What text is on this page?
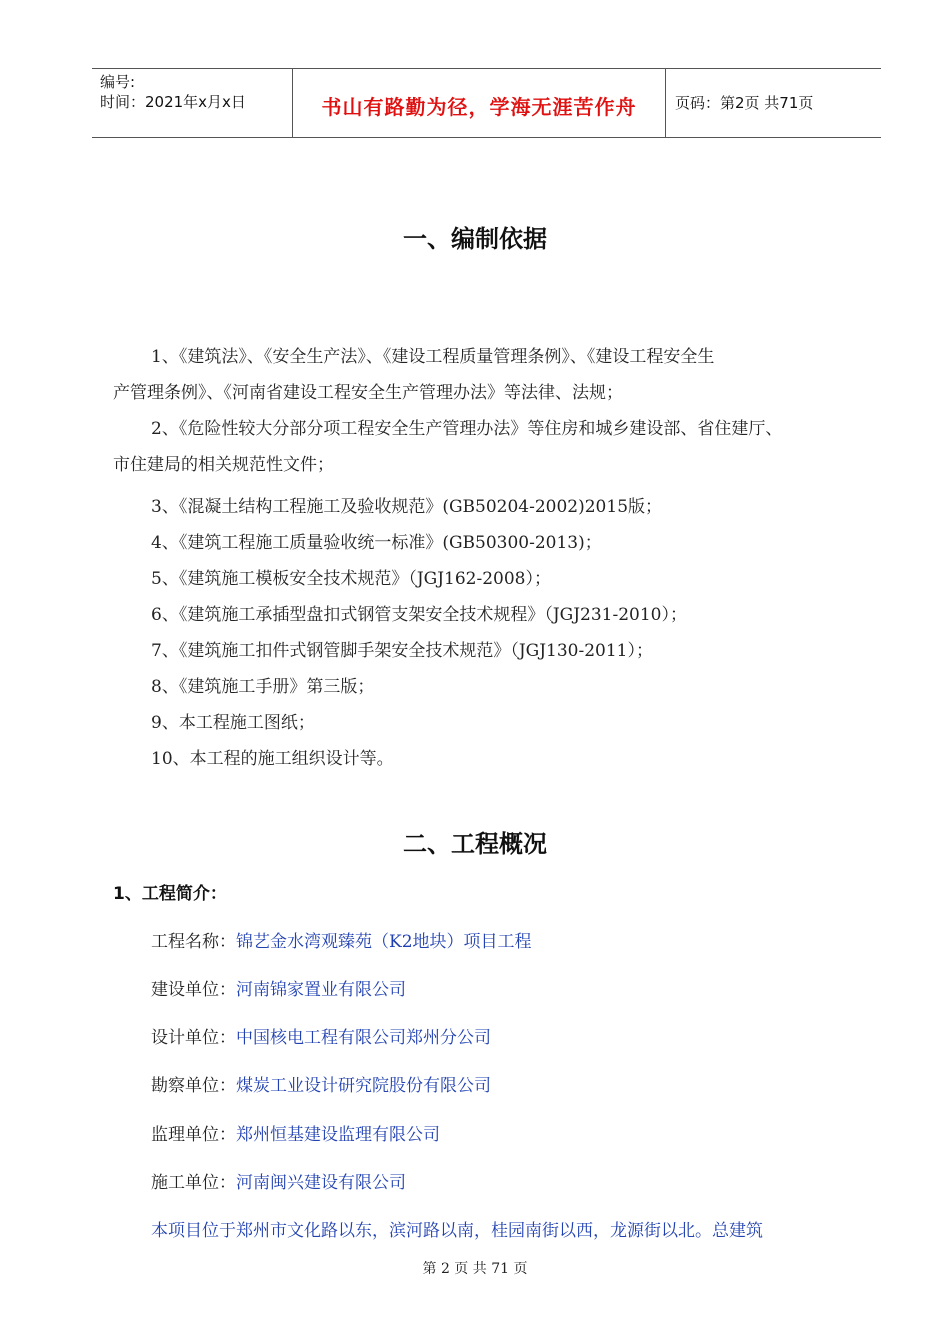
编号:
时间：2021年x月x日	书山有路勤为径，学海无涯苦作舟	页码：第2页 共71页
一、编制依据
1、《建筑法》、《安全生产法》、《建设工程质量管理条例》、《建设工程安全生
产管理条例》、《河南省建设工程安全生产管理办法》等法律、法规；
2、《危险性较大分部分项工程安全生产管理办法》等住房和城乡建设部、省住建厅、
市住建局的相关规范性文件；
3、《混凝土结构工程施工及验收规范》(GB50204-2002)2015版；
4、《建筑工程施工质量验收统一标准》(GB50300-2013)；
5、《建筑施工模板安全技术规范》（JGJ162-2008）；
6、《建筑施工承插型盘扣式钢管支架安全技术规程》（JGJ231-2010）；
7、《建筑施工扣件式钢管脚手架安全技术规范》（JGJ130-2011）；
8、《建筑施工手册》第三版；
9、本工程施工图纸；
10、本工程的施工组织设计等。
二、工程概况
1、工程简介：
工程名称：锦艺金水湾观臻苑（K2地块）项目工程
建设单位：河南锦家置业有限公司
设计单位：中国核电工程有限公司郑州分公司
勘察单位：煤炭工业设计研究院股份有限公司
监理单位：郑州恒基建设监理有限公司
施工单位：河南闽兴建设有限公司
本项目位于郑州市文化路以东，滨河路以南，桂园南街以西，龙源街以北。总建筑
第 2 页 共 71 页
